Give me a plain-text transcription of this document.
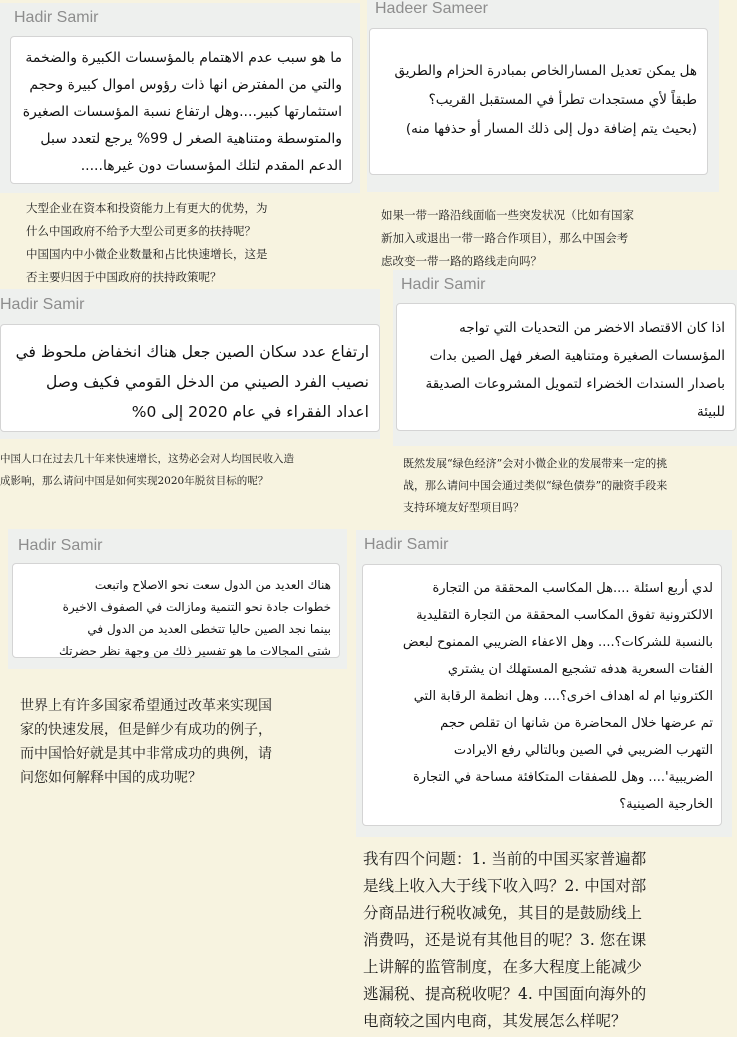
Hadir Samir
ما هو سبب عدم الاهتمام بالمؤسسات الكبيرة والضخمة
والتي من المفترض انها ذات رؤوس اموال كبيرة وحجم
استثمارتها كبير....وهل ارتفاع نسبة المؤسسات الصغيرة
والمتوسطة ومتناهية الصغر ل 99% يرجع لتعدد سبل
الدعم المقدم لتلك المؤسسات دون غيرها.....
大型企业在资本和投资能力上有更大的优势，为
什么中国政府不给予大型公司更多的扶持呢？
中国国内中小微企业数量和占比快速增长，这是
否主要归因于中国政府的扶持政策呢？
Hadeer Sameer
هل يمكن تعديل المسارالخاص بمبادرة الحزام والطريق
طبقاً لأي مستجدات تطرأ في المستقبل القريب؟
(بحيث يتم إضافة دول إلى ذلك المسار أو حذفها منه)
如果一带一路沿线面临一些突发状况（比如有国家
新加入或退出一带一路合作项目），那么中国会考
虑改变一带一路的路线走向吗？
Hadir Samir
ارتفاع عدد سكان الصين جعل هناك انخفاض ملحوظ في
نصيب الفرد الصيني من الدخل القومي فكيف وصل
اعداد الفقراء في عام 2020 إلى 0%
中国人口在过去几十年来快速增长，这势必会对人均国民收入造
成影响，那么请问中国是如何实现2020年脱贫目标的呢？
Hadir Samir
اذا كان الاقتصاد الاخضر من التحديات التي تواجه
المؤسسات الصغيرة ومتناهية الصغر فهل الصين بدات
باصدار السندات الخضراء لتمويل المشروعات الصديقة
للبيئة
既然发展“绿色经济”会对小微企业的发展带来一定的挑
战，那么请问中国会通过类似“绿色债券”的融资手段来
支持环境友好型项目吗？
Hadir Samir
هناك العديد من الدول سعت نحو الاصلاح واتبعت
خطوات جادة نحو التنمية ومازالت في الصفوف الاخيرة
بينما نجد الصين حاليا تتخطى العديد من الدول في
شتى المجالات ما هو تفسير ذلك من وجهة نظر حضرتك
世界上有许多国家希望通过改革来实现国
家的快速发展，但是鲜少有成功的例子，
而中国恰好就是其中非常成功的典例，请
问您如何解释中国的成功呢？
Hadir Samir
لدي أربع اسئلة ....هل المكاسب المحققة من التجارة
الالكترونية تفوق المكاسب المحققة من التجارة التقليدية
بالنسبة للشركات؟.... وهل الاعفاء الضريبي الممنوح لبعض
الفئات السعرية هدفه تشجيع المستهلك ان يشتري
الكترونيا ام له اهداف اخرى؟.... وهل انظمة الرقابة التي
تم عرضها خلال المحاضرة من شانها ان تقلص حجم
التهرب الضريبي في الصين وبالتالي رفع الايرادت
الضريبية'.... وهل للصفقات المتكافئة مساحة في التجارة
الخارجية الصينية؟
我有四个问题：1. 当前的中国买家普遍都
是线上收入大于线下收入吗？2. 中国对部
分商品进行税收减免，其目的是鼓励线上
消费吗，还是说有其他目的呢？3. 您在课
上讲解的监管制度，在多大程度上能减少
逃漏税、提高税收呢？4. 中国面向海外的
电商较之国内电商，其发展怎么样呢？
